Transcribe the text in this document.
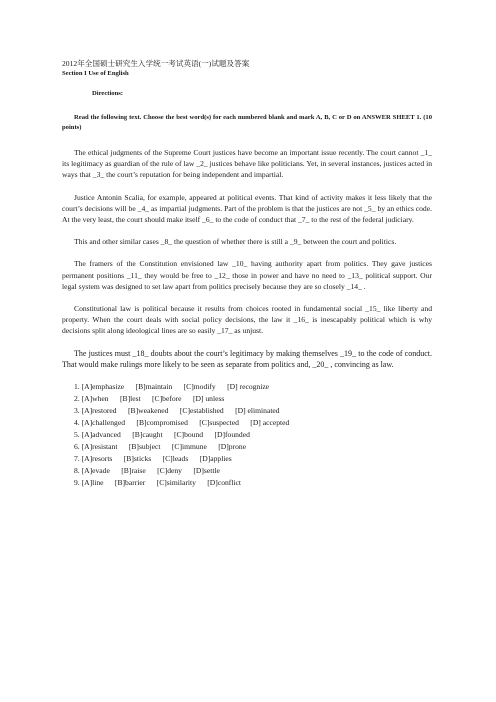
2012年全国硕士研究生入学统一考试英语(一)试题及答案

Section I Use of English

Directions:

Read the following text. Choose the best word(s) for each numbered blank and mark A, B, C or D on ANSWER SHEET 1. (10 points)

The ethical judgments of the Supreme Court justices have become an important issue recently. The court cannot _1_ its legitimacy as guardian of the rule of law _2_ justices behave like politicians. Yet, in several instances, justices acted in ways that _3_ the court’s reputation for being independent and impartial.

Justice Antonin Scalia, for example, appeared at political events. That kind of activity makes it less likely that the court’s decisions will be _4_ as impartial judgments. Part of the problem is that the justices are not _5_ by an ethics code. At the very least, the court should make itself _6_ to the code of conduct that _7_ to the rest of the federal judiciary.

This and other similar cases _8_ the question of whether there is still a _9_ between the court and politics.

The framers of the Constitution envisioned law _10_ having authority apart from politics. They gave justices permanent positions _11_ they would be free to _12_ those in power and have no need to _13_ political support. Our legal system was designed to set law apart from politics precisely because they are so closely _14_ .

Constitutional law is political because it results from choices rooted in fundamental social _15_ like liberty and property. When the court deals with social policy decisions, the law it _16_ is inescapably political which is why decisions split along ideological lines are so easily _17_ as unjust.

The justices must _18_ doubts about the court’s legitimacy by making themselves _19_ to the code of conduct. That would make rulings more likely to be seen as separate from politics and, _20_ , convincing as law.

1. [A]emphasize      [B]maintain      [C]modify      [D] recognize
2. [A]when      [B]lest      [C]before      [D] unless
3. [A]restored      [B]weakened      [C]established      [D] eliminated
4. [A]challenged      [B]compromised      [C]suspected      [D] accepted
5. [A]advanced      [B]caught      [C]bound      [D]founded
6. [A]resistant      [B]subject      [C]immune      [D]prone
7. [A]resorts      [B]sticks      [C]leads      [D]applies
8. [A]evade      [B]raise      [C]deny      [D]settle
9. [A]line      [B]barrier      [C]similarity      [D]conflict
